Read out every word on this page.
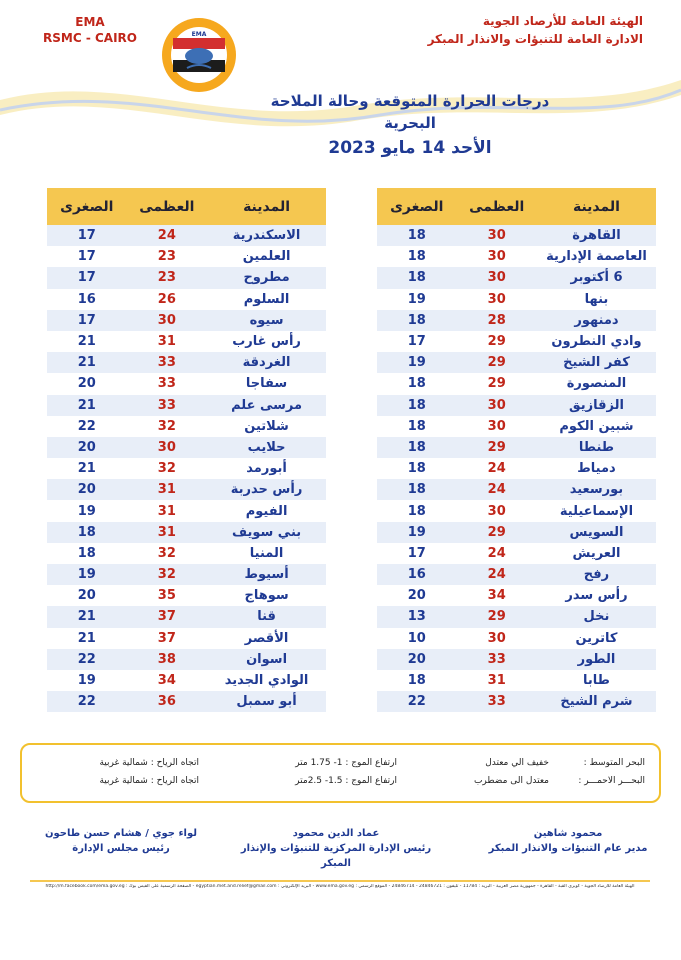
EMA
RSMC - CAIRO	EMA
الهيئة العامة للأرصاد الجوية
الادارة العامة للتنبؤات والانذار المبكر
درجات الحرارة المتوقعة وحالة الملاحة البحرية
الأحد 14 مايو 2023
المدينة	العظمى	الصغرى
القاهرة	30	18
العاصمة الإدارية	30	18
6 أكتوبر	30	18
بنها	30	19
دمنهور	28	18
وادي النطرون	29	17
كفر الشيخ	29	19
المنصورة	29	18
الزقازيق	30	18
شبين الكوم	30	18
طنطا	29	18
دمياط	24	18
بورسعيد	24	18
الإسماعيلية	30	18
السويس	29	19
العريش	24	17
رفح	24	16
رأس سدر	34	20
نخل	29	13
كاترين	30	10
الطور	33	20
طابا	31	18
شرم الشيخ	33	22
المدينة	العظمى	الصغرى
الاسكندرية	24	17
العلمين	23	17
مطروح	23	17
السلوم	26	16
سيوه	30	17
رأس غارب	31	21
الغردقة	33	21
سفاجا	33	20
مرسى علم	33	21
شلاتين	32	22
حلايب	30	20
أبورمد	32	21
رأس حدربة	31	20
الفيوم	31	19
بني سويف	31	18
المنيا	32	18
أسيوط	32	19
سوهاج	35	20
قنا	37	21
الأقصر	37	21
اسوان	38	22
الوادي الجديد	34	19
أبو سمبل	36	22
البحر المتوسط :
خفيف الي معتدل
ارتفاع الموج : 1- 1.75 متر
اتجاه الرياح : شمالية غربية
البحـــر الاحمـــر :
معتدل الى مضطرب
ارتفاع الموج : 1.5- 2.5متر
اتجاه الرياح : شمالية غربية
محمود شاهين
مدير عام التنبؤات والانذار المبكر
عماد الدين محمود
رئيس الإدارة المركزية للتنبؤات والإنذار المبكر
لواء جوي / هشام حسن طاحون
رئيس مجلس الإدارة
الهيئة العامة للأرصاد الجوية - كوبري القبة - القاهرة - جمهورية مصر العربية - البريد : 11784 - تليفون : 24846721 - 24846714 - الموقع الرسمي : www.ema.gov.eg - البريد الإلكتروني : egyptian.met.and.relief@gmail.com - الصفحة الرسمية على الفيس بوك : http://m.facebook.com/ema.gov.eg
